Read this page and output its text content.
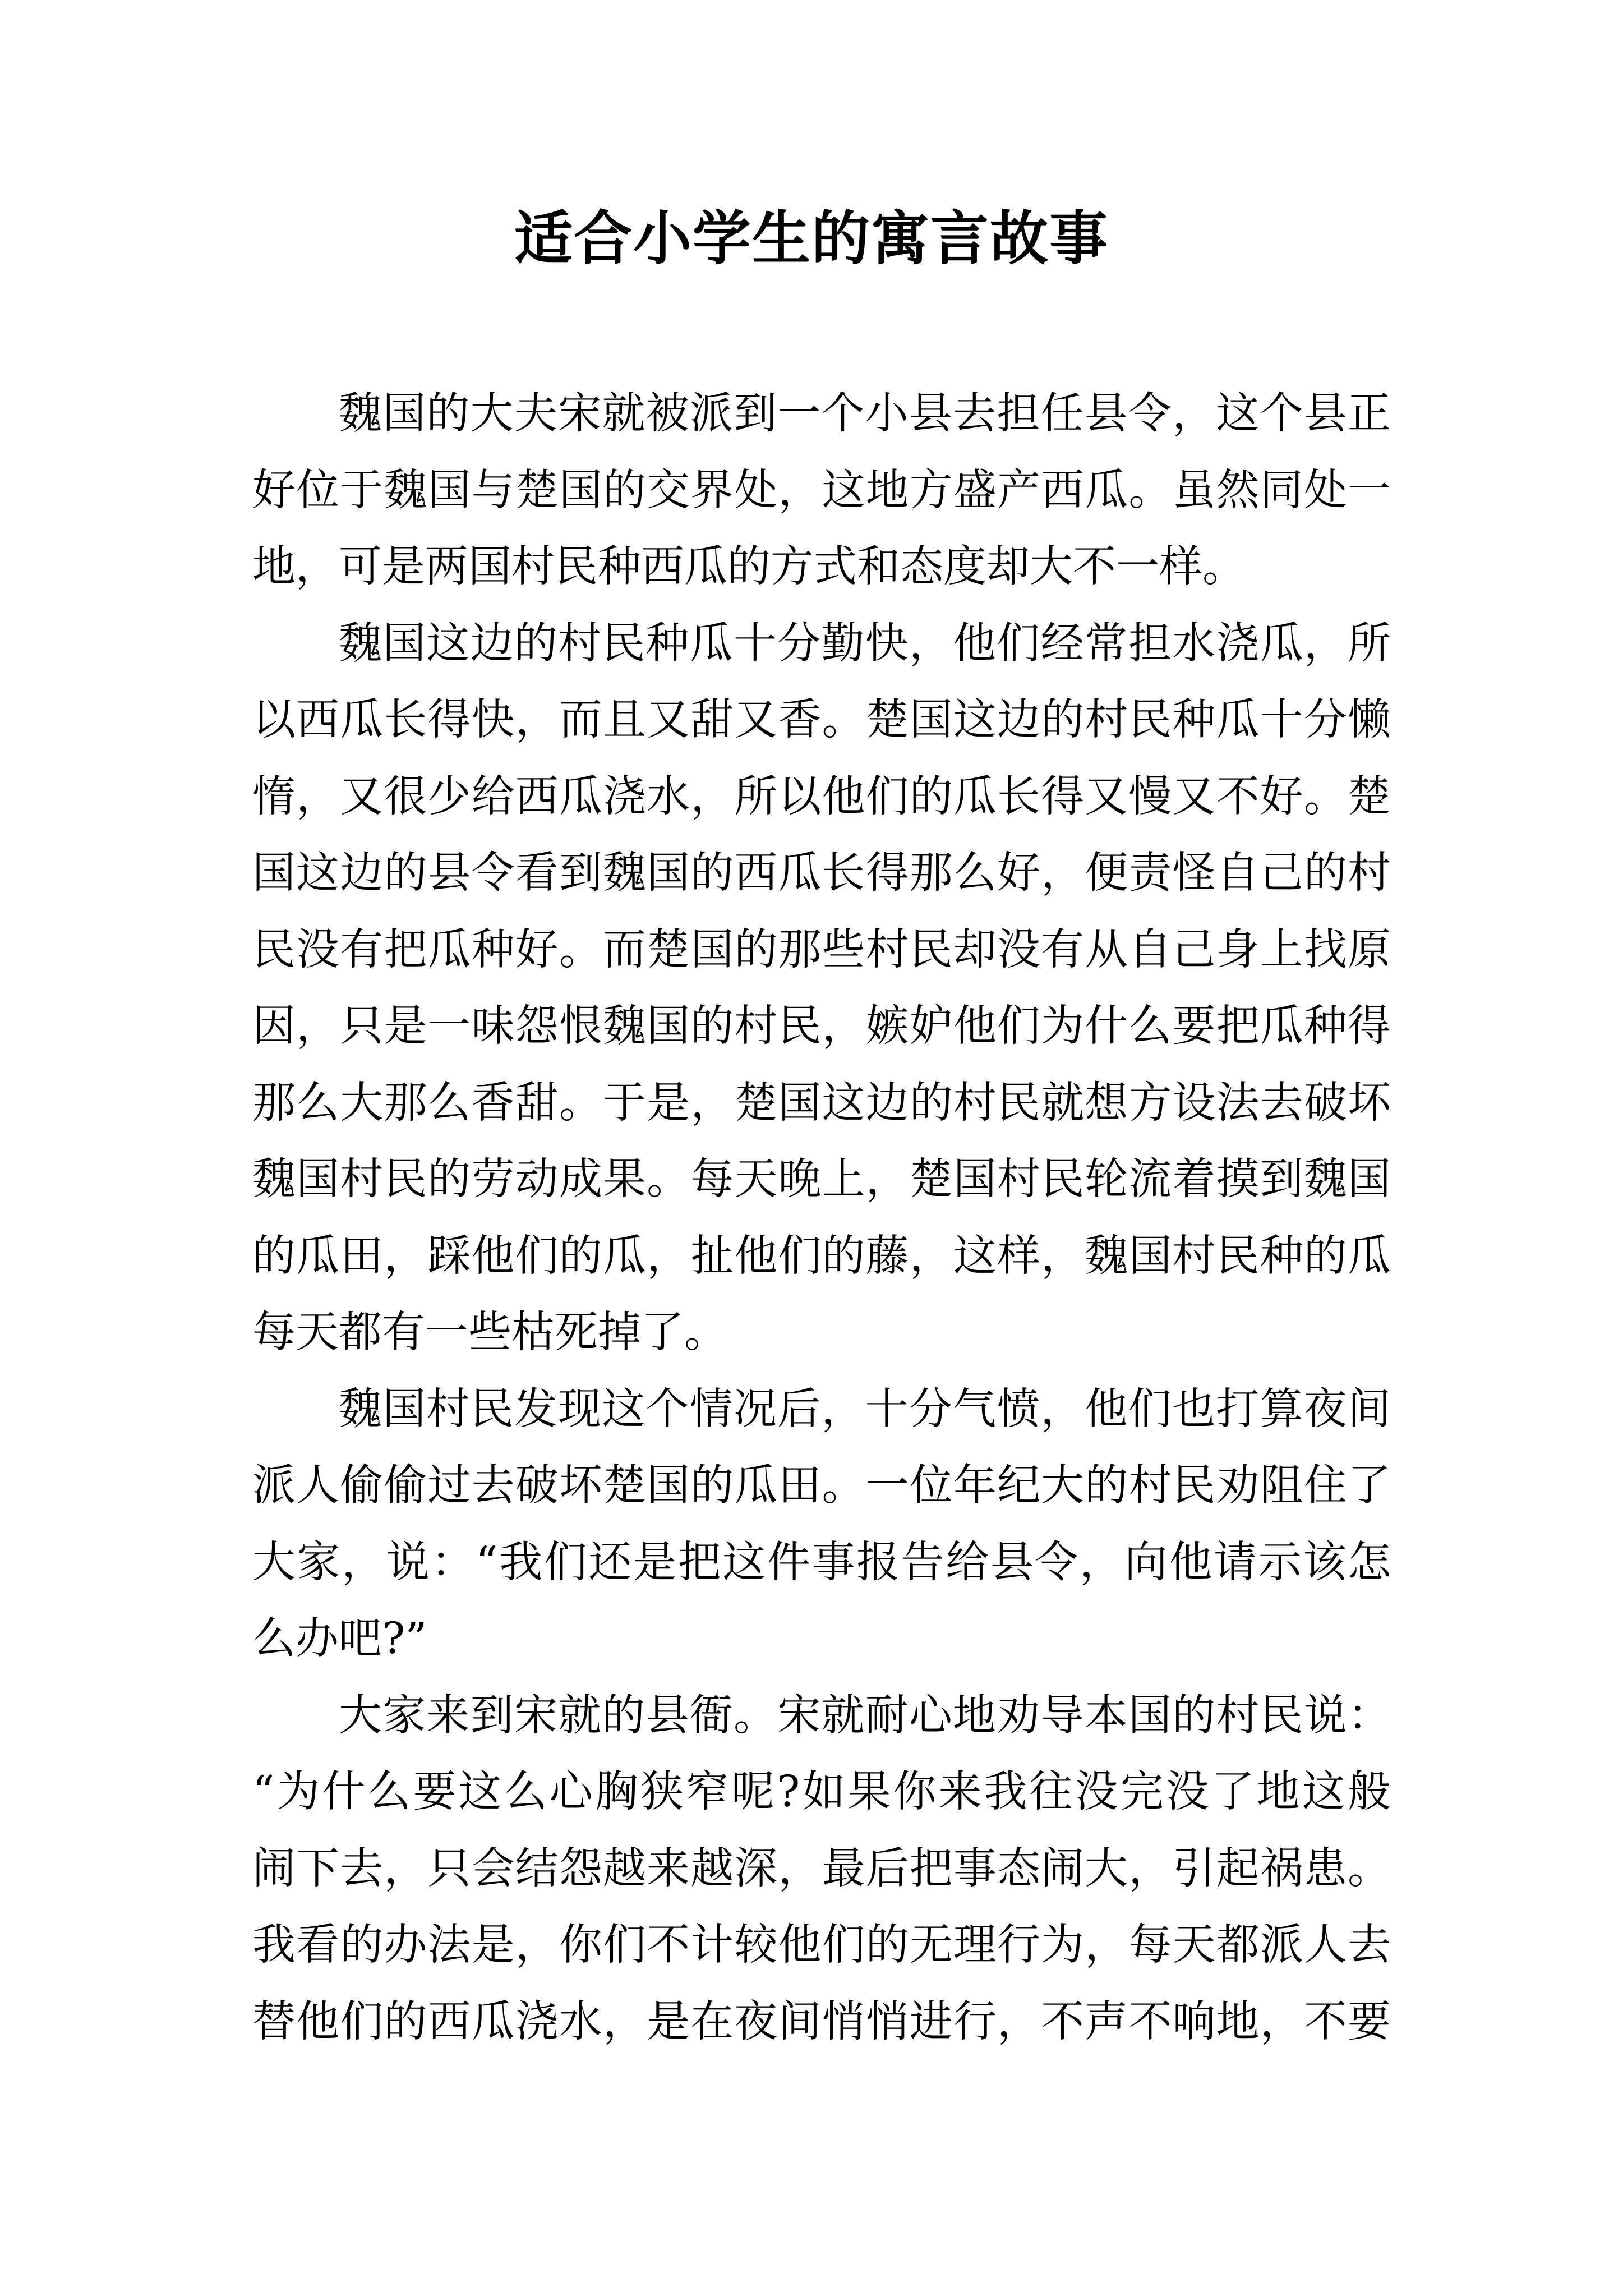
适合小学生的寓言故事
魏国的大夫宋就被派到一个小县去担任县令，这个县正
好位于魏国与楚国的交界处，这地方盛产西瓜。虽然同处一
地，可是两国村民种西瓜的方式和态度却大不一样。
魏国这边的村民种瓜十分勤快，他们经常担水浇瓜，所
以西瓜长得快，而且又甜又香。楚国这边的村民种瓜十分懒
惰，又很少给西瓜浇水，所以他们的瓜长得又慢又不好。楚
国这边的县令看到魏国的西瓜长得那么好，便责怪自己的村
民没有把瓜种好。而楚国的那些村民却没有从自己身上找原
因，只是一味怨恨魏国的村民，嫉妒他们为什么要把瓜种得
那么大那么香甜。于是，楚国这边的村民就想方设法去破坏
魏国村民的劳动成果。每天晚上，楚国村民轮流着摸到魏国
的瓜田，踩他们的瓜，扯他们的藤，这样，魏国村民种的瓜
每天都有一些枯死掉了。
魏国村民发现这个情况后，十分气愤，他们也打算夜间
派人偷偷过去破坏楚国的瓜田。一位年纪大的村民劝阻住了
大家，说：“我们还是把这件事报告给县令，向他请示该怎
么办吧?”
大家来到宋就的县衙。宋就耐心地劝导本国的村民说：
“为什么要这么心胸狭窄呢?如果你来我往没完没了地这般
闹下去，只会结怨越来越深，最后把事态闹大，引起祸患。
我看的办法是，你们不计较他们的无理行为，每天都派人去
替他们的西瓜浇水，是在夜间悄悄进行，不声不响地，不要
